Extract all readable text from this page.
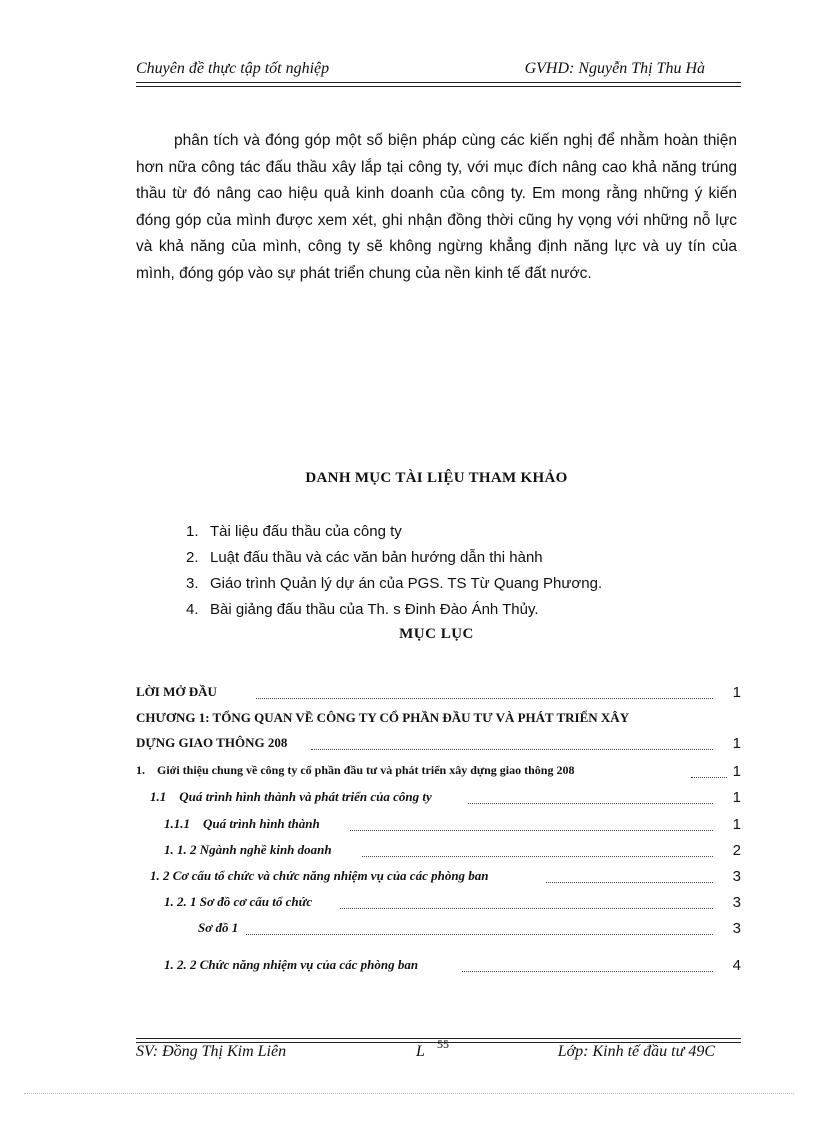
Chuyên đề thực tập tốt nghiệp	GVHD: Nguyễn Thị Thu Hà

phân tích và đóng góp một số biện pháp cùng các kiến nghị để nhằm hoàn thiện hơn nữa công tác đấu thầu xây lắp tại công ty, với mục đích nâng cao khả năng trúng thầu từ đó nâng cao hiệu quả kinh doanh của công ty. Em mong rằng những ý kiến đóng góp của mình được xem xét, ghi nhận đồng thời cũng hy vọng với những nỗ lực và khả năng của mình, công ty sẽ không ngừng khẳng định năng lực và uy tín của mình, đóng góp vào sự phát triển chung của nền kinh tế đất nước.

DANH MỤC TÀI LIỆU THAM KHẢO
1. Tài liệu đấu thầu của công ty
2. Luật đấu thầu và các văn bản hướng dẫn thi hành
3. Giáo trình Quản lý dự án của PGS. TS Từ Quang Phương.
4. Bài giảng đấu thầu của Th. s Đinh Đào Ánh Thủy.
MỤC LỤC
LỜI MỞ ĐẦU	1
CHƯƠNG 1: TỔNG QUAN VỀ CÔNG TY CỔ PHẦN ĐẦU TƯ VÀ PHÁT TRIỂN XÂY
DỰNG GIAO THÔNG 208	1
1. Giới thiệu chung về công ty cổ phần đầu tư và phát triển xây dựng giao thông 208	1
1.1 Quá trình hình thành và phát triển của công ty	1
1.1.1 Quá trình hình thành	1
1. 1. 2 Ngành nghề kinh doanh	2
1. 2 Cơ cấu tổ chức và chức năng nhiệm vụ của các phòng ban	3
1. 2. 1 Sơ đồ cơ cấu tổ chức	3
Sơ đồ 1	3
1. 2. 2 Chức năng nhiệm vụ của các phòng ban	4
SV: Đồng Thị Kim Liên	L 55	Lớp: Kinh tế đầu tư 49C
